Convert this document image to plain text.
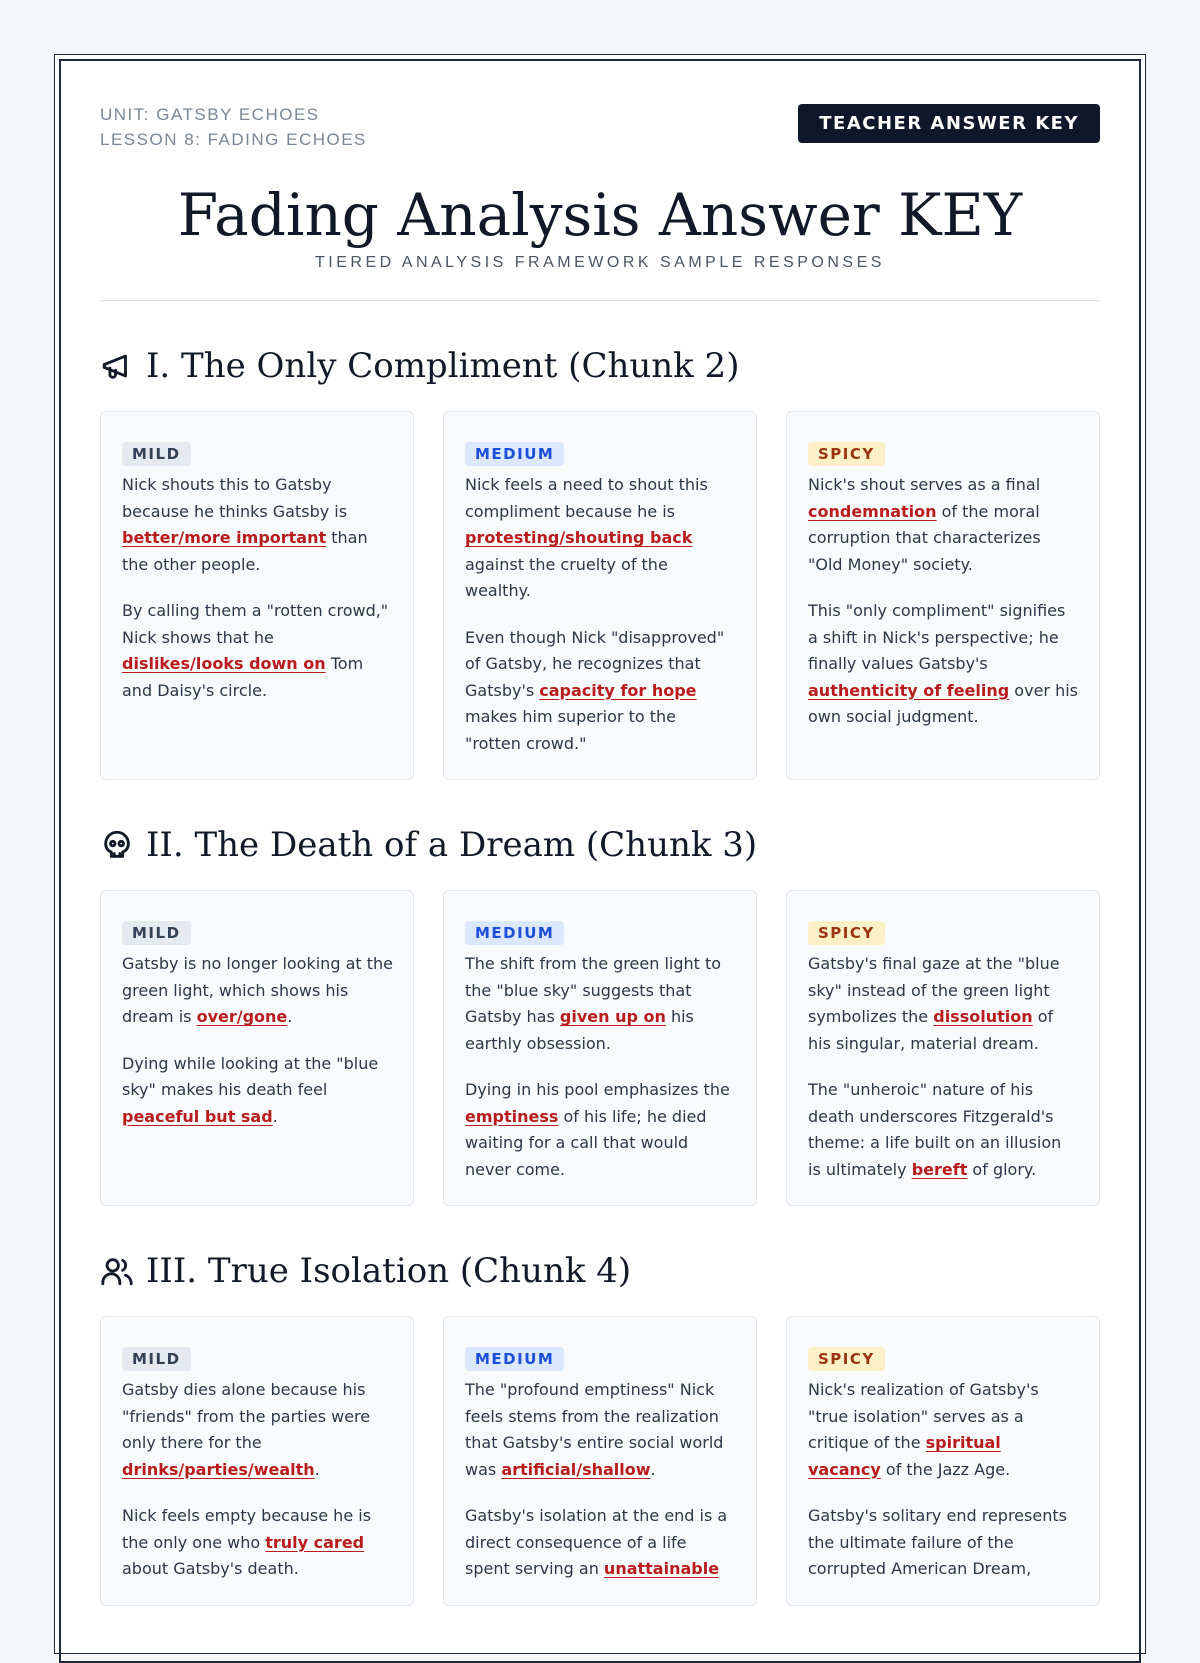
UNIT: GATSBY ECHOES
LESSON 8: FADING ECHOES
TEACHER ANSWER KEY
Fading Analysis Answer KEY
TIERED ANALYSIS FRAMEWORK SAMPLE RESPONSES
I. The Only Compliment (Chunk 2)
MILD

Nick shouts this to Gatsby because he thinks Gatsby is better/more important than the other people.

By calling them a "rotten crowd," Nick shows that he dislikes/looks down on Tom and Daisy's circle.

MEDIUM

Nick feels a need to shout this compliment because he is protesting/shouting back against the cruelty of the wealthy.

Even though Nick "disapproved" of Gatsby, he recognizes that Gatsby's capacity for hope makes him superior to the "rotten crowd."

SPICY

Nick's shout serves as a final condemnation of the moral corruption that characterizes "Old Money" society.

This "only compliment" signifies a shift in Nick's perspective; he finally values Gatsby's authenticity of feeling over his own social judgment.

II. The Death of a Dream (Chunk 3)
MILD

Gatsby is no longer looking at the green light, which shows his dream is over/gone.

Dying while looking at the "blue sky" makes his death feel peaceful but sad.

MEDIUM

The shift from the green light to the "blue sky" suggests that Gatsby has given up on his earthly obsession.

Dying in his pool emphasizes the emptiness of his life; he died waiting for a call that would never come.

SPICY

Gatsby's final gaze at the "blue sky" instead of the green light symbolizes the dissolution of his singular, material dream.

The "unheroic" nature of his death underscores Fitzgerald's theme: a life built on an illusion is ultimately bereft of glory.

III. True Isolation (Chunk 4)
MILD

Gatsby dies alone because his "friends" from the parties were only there for the drinks/parties/wealth.

Nick feels empty because he is the only one who truly cared about Gatsby's death.

MEDIUM

The "profound emptiness" Nick feels stems from the realization that Gatsby's entire social world was artificial/shallow.

Gatsby's isolation at the end is a direct consequence of a life spent serving an unattainable

SPICY

Nick's realization of Gatsby's "true isolation" serves as a critique of the spiritual vacancy of the Jazz Age.

Gatsby's solitary end represents the ultimate failure of the corrupted American Dream,
